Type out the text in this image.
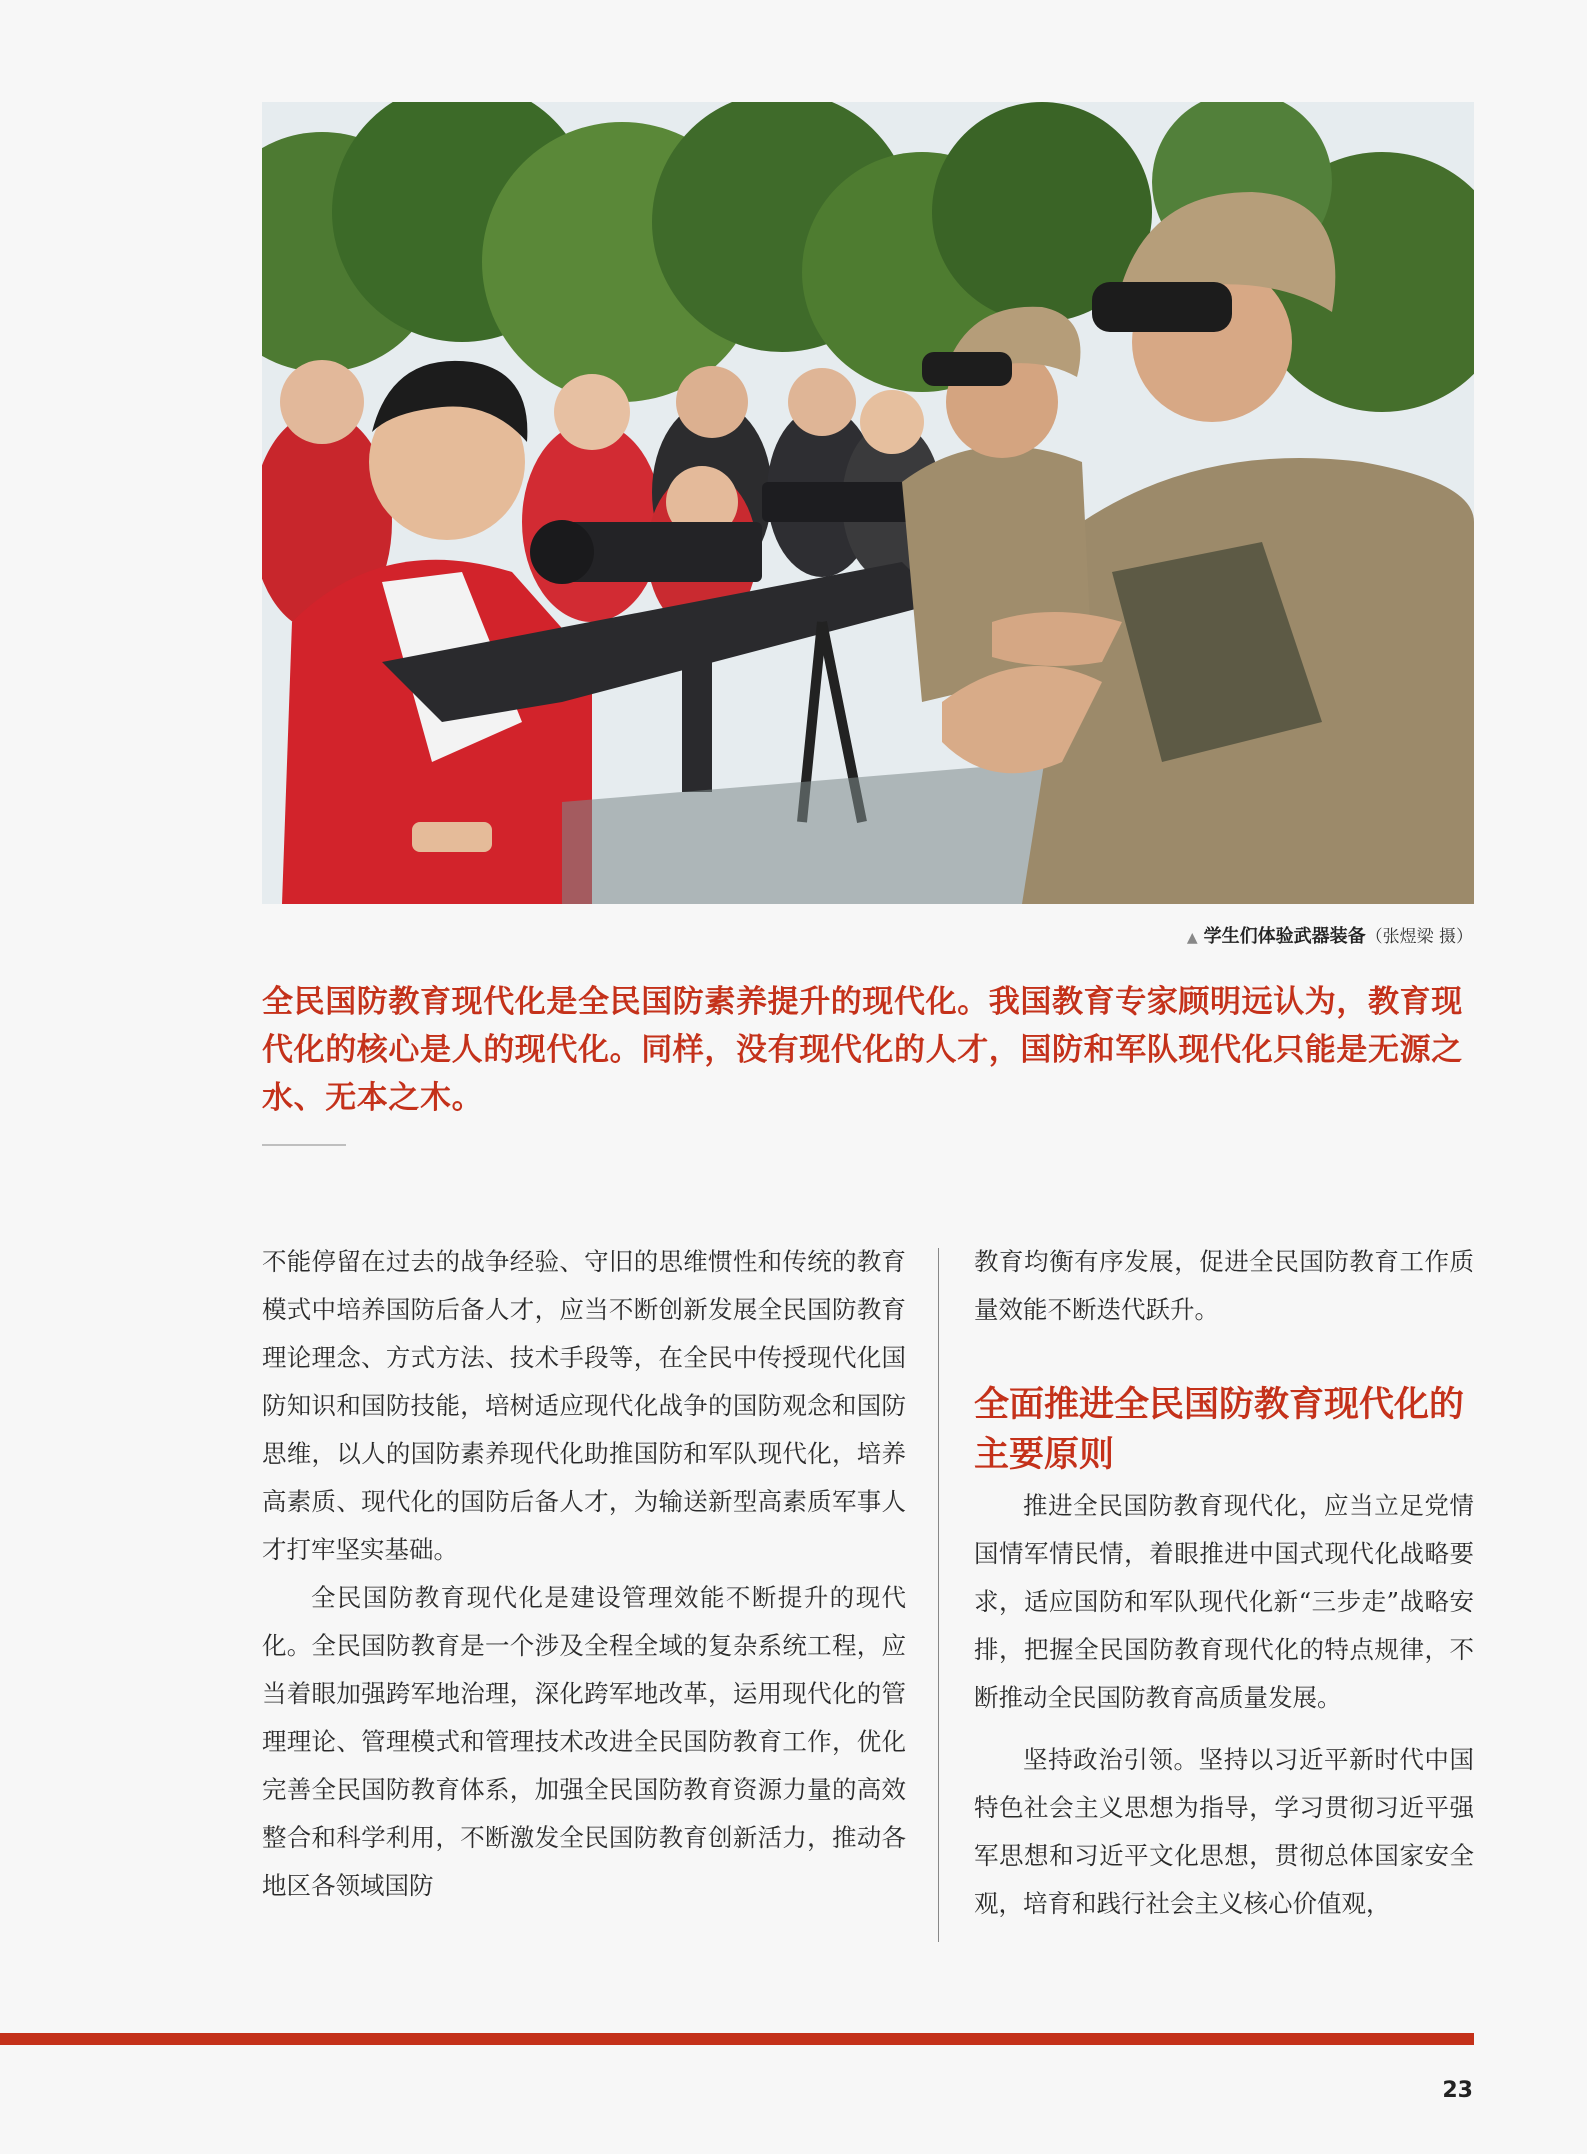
▲ 学生们体验武器装备（张煜梁 摄）

全民国防教育现代化是全民国防素养提升的现代化。我国教育专家顾明远认为，教育现代化的核心是人的现代化。同样，没有现代化的人才，国防和军队现代化只能是无源之水、无本之木。

不能停留在过去的战争经验、守旧的思维惯性和传统的教育模式中培养国防后备人才，应当不断创新发展全民国防教育理论理念、方式方法、技术手段等，在全民中传授现代化国防知识和国防技能，培树适应现代化战争的国防观念和国防思维，以人的国防素养现代化助推国防和军队现代化，培养高素质、现代化的国防后备人才，为输送新型高素质军事人才打牢坚实基础。

全民国防教育现代化是建设管理效能不断提升的现代化。全民国防教育是一个涉及全程全域的复杂系统工程，应当着眼加强跨军地治理，深化跨军地改革，运用现代化的管理理论、管理模式和管理技术改进全民国防教育工作，优化完善全民国防教育体系，加强全民国防教育资源力量的高效整合和科学利用，不断激发全民国防教育创新活力，推动各地区各领域国防

教育均衡有序发展，促进全民国防教育工作质量效能不断迭代跃升。

全面推进全民国防教育现代化的主要原则

推进全民国防教育现代化，应当立足党情国情军情民情，着眼推进中国式现代化战略要求，适应国防和军队现代化新“三步走”战略安排，把握全民国防教育现代化的特点规律，不断推动全民国防教育高质量发展。

坚持政治引领。坚持以习近平新时代中国特色社会主义思想为指导，学习贯彻习近平强军思想和习近平文化思想，贯彻总体国家安全观，培育和践行社会主义核心价值观，

23
